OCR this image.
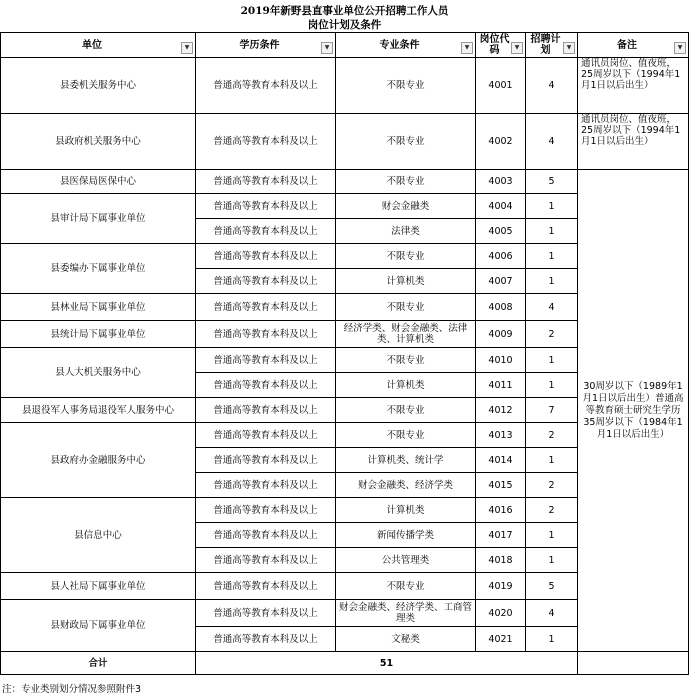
2019年新野县直事业单位公开招聘工作人员
岗位计划及条件
单位 ▼	学历条件 ▼	专业条件 ▼	岗位代码 ▼	招聘计划 ▼	备注 ▼	

县委机关服务中心	普通高等教育本科及以上	不限专业	4001	4	通讯员岗位、值夜班，25周岁以下（1994年1月1日以后出生）	

县政府机关服务中心	普通高等教育本科及以上	不限专业	4002	4	通讯员岗位、值夜班，25周岁以下（1994年1月1日以后出生）	

县医保局医保中心	普通高等教育本科及以上	不限专业	4003	5	30周岁以下（1989年1月1日以后出生）普通高等教育硕士研究生学历35周岁以下（1984年1月1日以后出生）	
县审计局下属事业单位	普通高等教育本科及以上	财会金融类	4004	1		
	普通高等教育本科及以上	法律类	4005	1		
县委编办下属事业单位	普通高等教育本科及以上	不限专业	4006	1		
	普通高等教育本科及以上	计算机类	4007	1		
县林业局下属事业单位	普通高等教育本科及以上	不限专业	4008	4		
县统计局下属事业单位	普通高等教育本科及以上	经济学类、财会金融类、法律类、计算机类	4009	2		
县人大机关服务中心	普通高等教育本科及以上	不限专业	4010	1		
	普通高等教育本科及以上	计算机类	4011	1		
县退役军人事务局退役军人服务中心	普通高等教育本科及以上	不限专业	4012	7		
县政府办金融服务中心	普通高等教育本科及以上	不限专业	4013	2		
	普通高等教育本科及以上	计算机类、统计学	4014	1		
	普通高等教育本科及以上	财会金融类、经济学类	4015	2		
县信息中心	普通高等教育本科及以上	计算机类	4016	2		
	普通高等教育本科及以上	新闻传播学类	4017	1		
	普通高等教育本科及以上	公共管理类	4018	1		
县人社局下属事业单位	普通高等教育本科及以上	不限专业	4019	5		
县财政局下属事业单位	普通高等教育本科及以上	财会金融类、经济学类、工商管理类	4020	4		
	普通高等教育本科及以上	文秘类	4021	1		
合计	51					
注：专业类别划分情况参照附件3
